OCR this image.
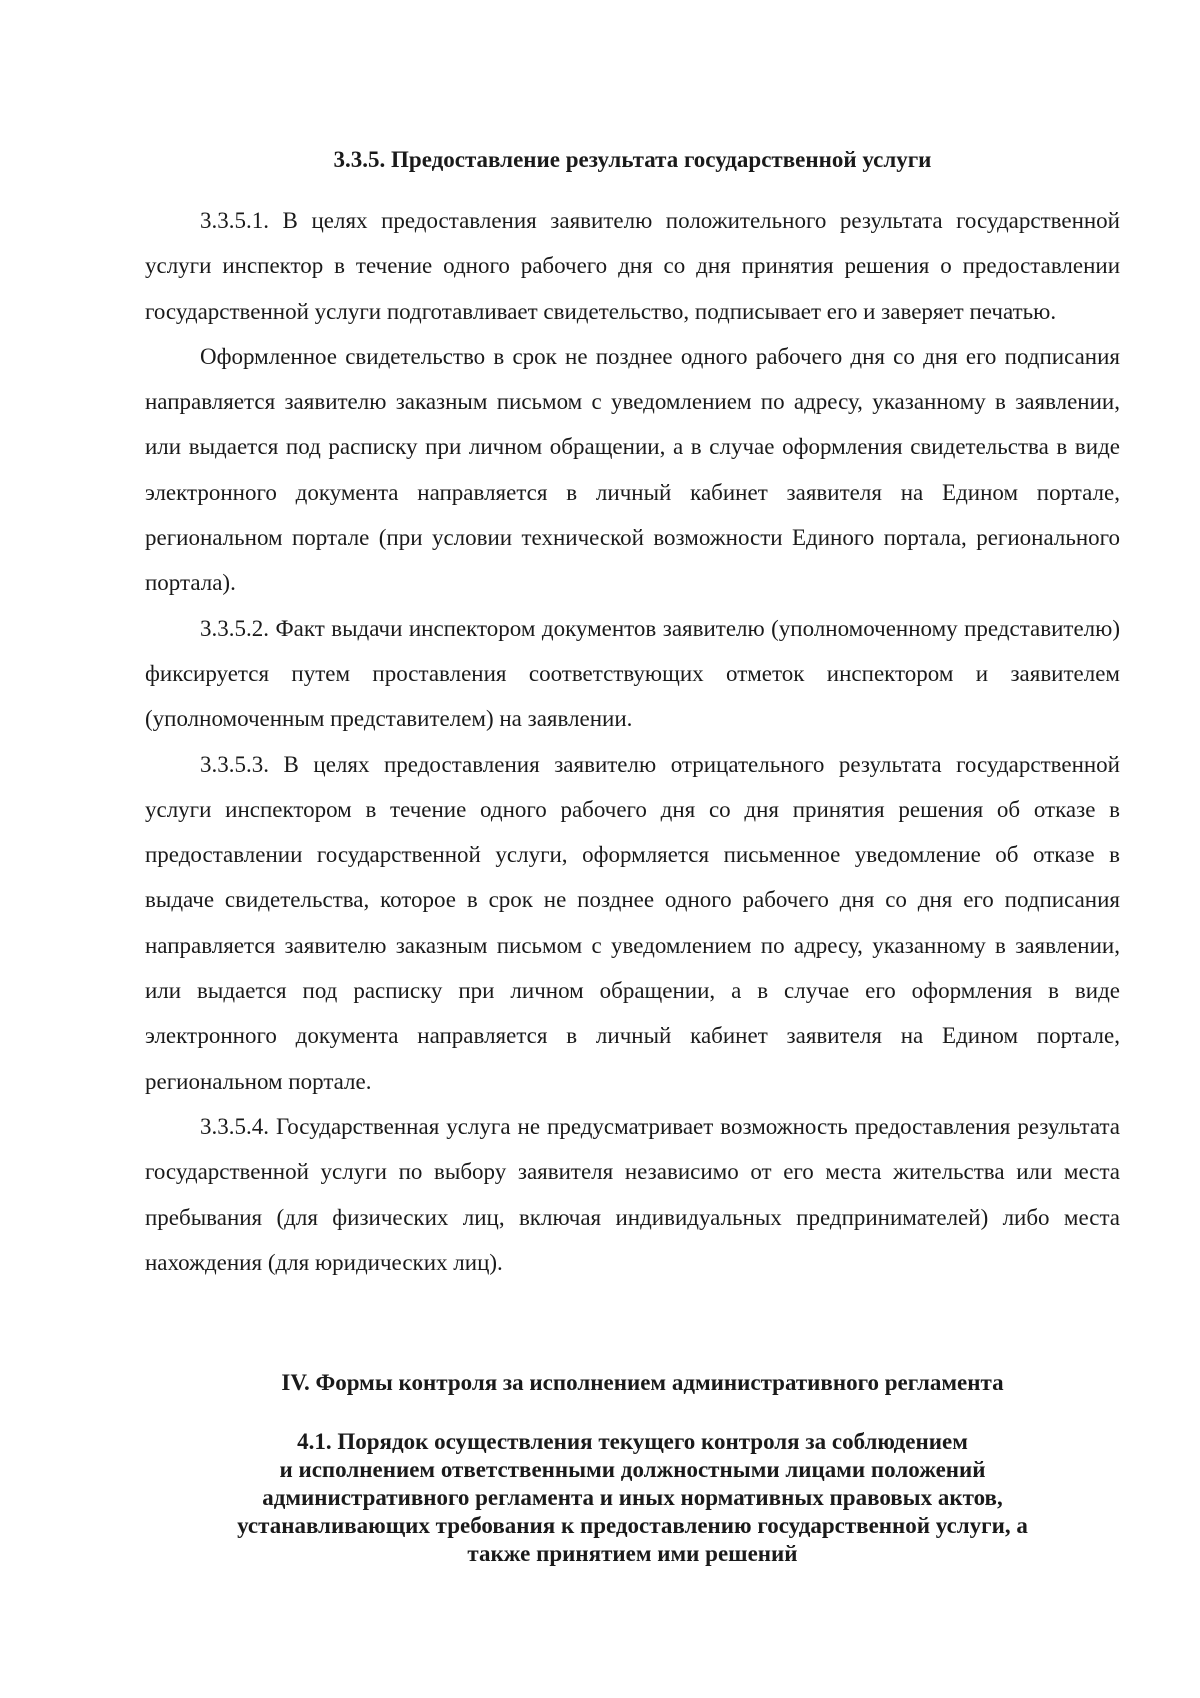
3.3.5. Предоставление результата государственной услуги

3.3.5.1. В целях предоставления заявителю положительного результата государственной услуги инспектор в течение одного рабочего дня со дня принятия решения о предоставлении государственной услуги подготавливает свидетельство, подписывает его и заверяет печатью.

Оформленное свидетельство в срок не позднее одного рабочего дня со дня его подписания направляется заявителю заказным письмом с уведомлением по адресу, указанному в заявлении, или выдается под расписку при личном обращении, а в случае оформления свидетельства в виде электронного документа направляется в личный кабинет заявителя на Едином портале, региональном портале (при условии технической возможности Единого портала, регионального портала).

3.3.5.2. Факт выдачи инспектором документов заявителю (уполномоченному представителю) фиксируется путем проставления соответствующих отметок инспектором и заявителем (уполномоченным представителем) на заявлении.

3.3.5.3. В целях предоставления заявителю отрицательного результата государственной услуги инспектором в течение одного рабочего дня со дня принятия решения об отказе в предоставлении государственной услуги, оформляется письменное уведомление об отказе в выдаче свидетельства, которое в срок не позднее одного рабочего дня со дня его подписания направляется заявителю заказным письмом с уведомлением по адресу, указанному в заявлении, или выдается под расписку при личном обращении, а в случае его оформления в виде электронного документа направляется в личный кабинет заявителя на Едином портале, региональном портале.

3.3.5.4. Государственная услуга не предусматривает возможность предоставления результата государственной услуги по выбору заявителя независимо от его места жительства или места пребывания (для физических лиц, включая индивидуальных предпринимателей) либо места нахождения (для юридических лиц).

IV. Формы контроля за исполнением административного регламента
4.1. Порядок осуществления текущего контроля за соблюдением
и исполнением ответственными должностными лицами положений
административного регламента и иных нормативных правовых актов,
устанавливающих требования к предоставлению государственной услуги, а
также принятием ими решений
